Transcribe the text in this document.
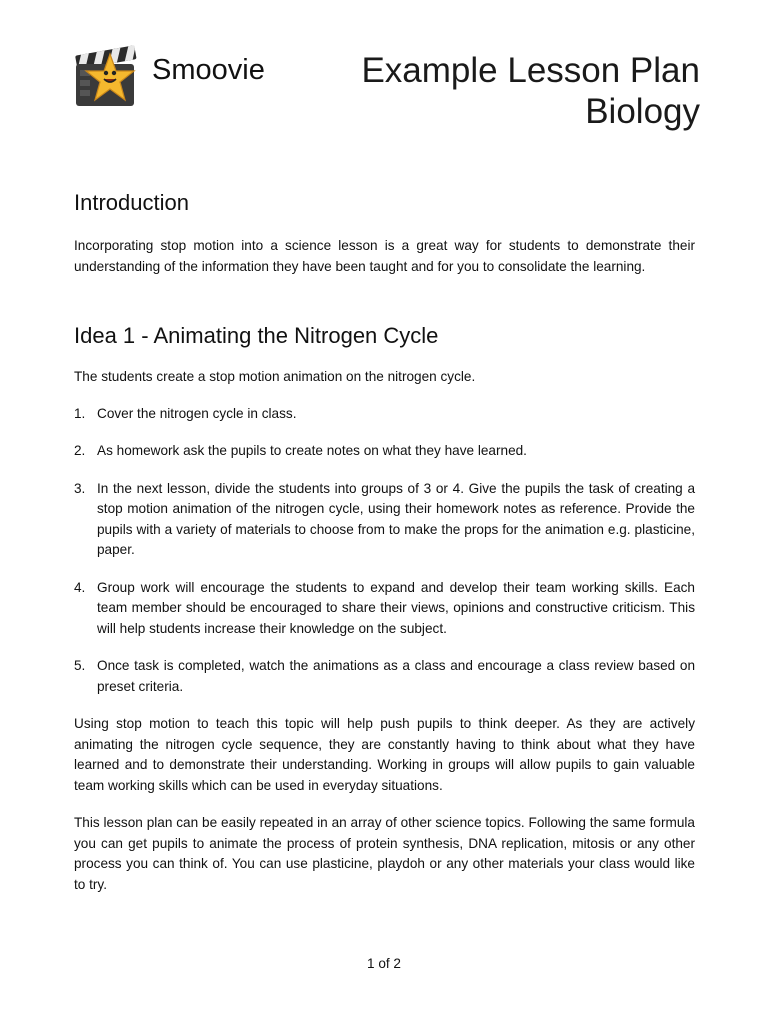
Smoovie	Example Lesson Plan
Biology
Introduction

Incorporating stop motion into a science lesson is a great way for students to demonstrate their understanding of the information they have been taught and for you to consolidate the learning.

Idea 1 - Animating the Nitrogen Cycle

The students create a stop motion animation on the nitrogen cycle.

1. Cover the nitrogen cycle in class.
2. As homework ask the pupils to create notes on what they have learned.
3. In the next lesson, divide the students into groups of 3 or 4. Give the pupils the task of creating a stop motion animation of the nitrogen cycle, using their homework notes as reference. Provide the pupils with a variety of materials to choose from to make the props for the animation e.g. plasticine, paper.
4. Group work will encourage the students to expand and develop their team working skills. Each team member should be encouraged to share their views, opinions and constructive criticism. This will help students increase their knowledge on the subject.
5. Once task is completed, watch the animations as a class and encourage a class review based on preset criteria.

Using stop motion to teach this topic will help push pupils to think deeper. As they are actively animating the nitrogen cycle sequence, they are constantly having to think about what they have learned and to demonstrate their understanding. Working in groups will allow pupils to gain valuable team working skills which can be used in everyday situations.

This lesson plan can be easily repeated in an array of other science topics. Following the same formula you can get pupils to animate the process of protein synthesis, DNA replication, mitosis or any other process you can think of. You can use plasticine, playdoh or any other materials your class would like to try.

1 of 2
